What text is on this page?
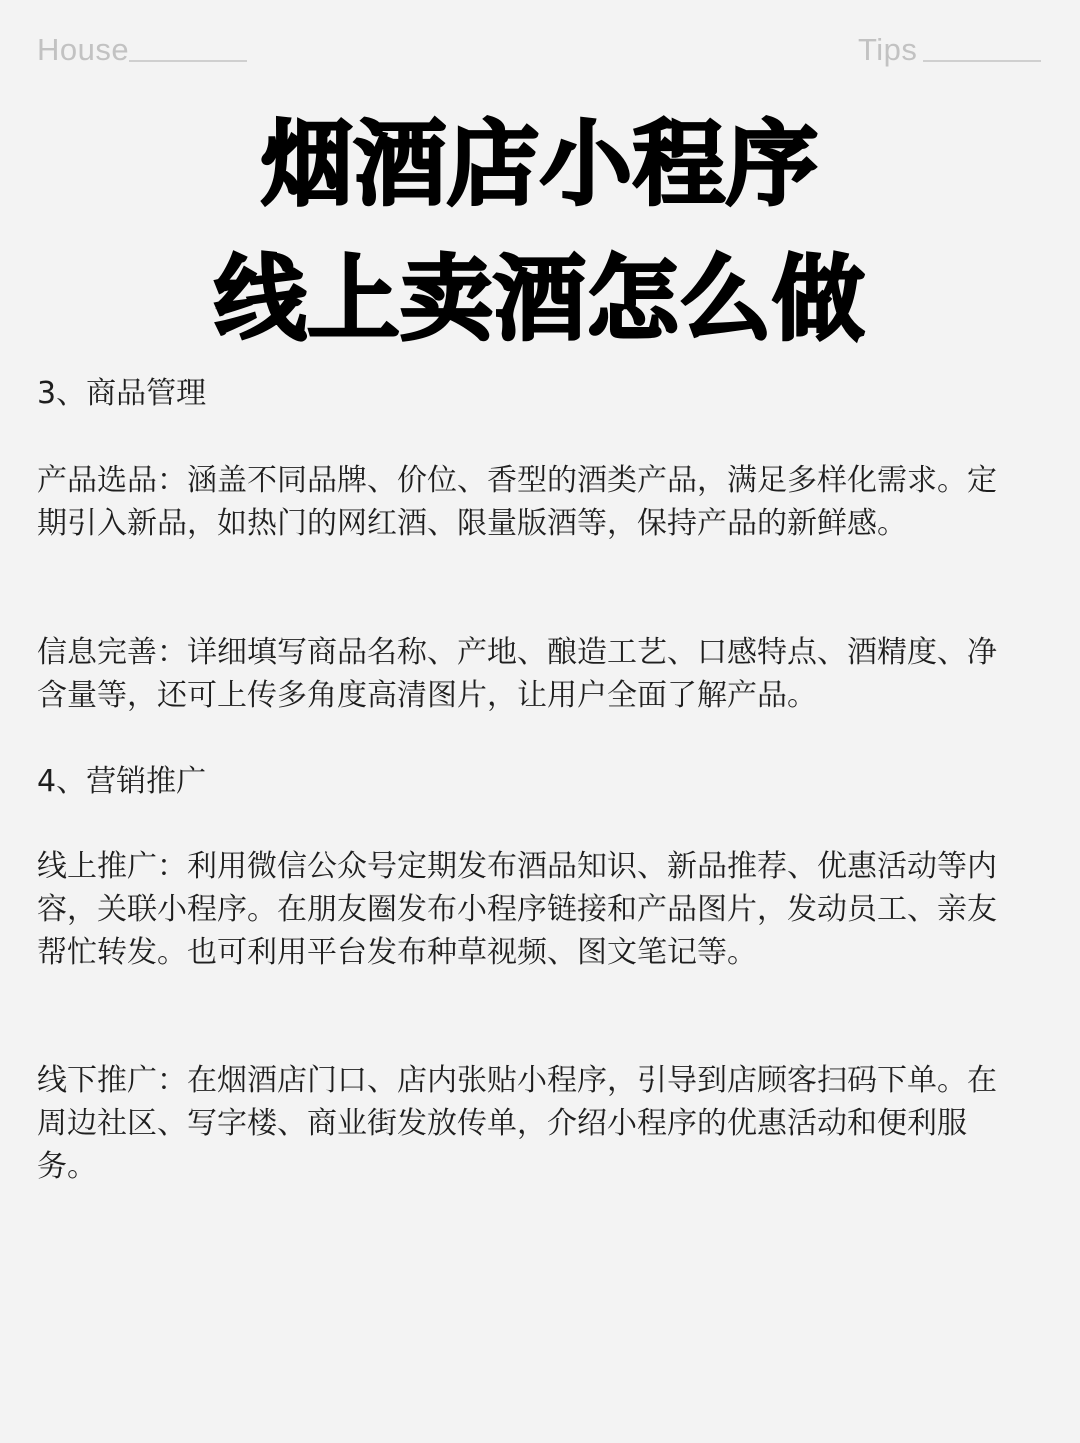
House	Tips
烟酒店小程序
线上卖酒怎么做

3、商品管理

产品选品：涵盖不同品牌、价位、香型的酒类产品，满足多样化需求。定期引入新品，如热门的网红酒、限量版酒等，保持产品的新鲜感。

信息完善：详细填写商品名称、产地、酿造工艺、口感特点、酒精度、净含量等，还可上传多角度高清图片，让用户全面了解产品。

4、营销推广

线上推广：利用微信公众号定期发布酒品知识、新品推荐、优惠活动等内容，关联小程序。在朋友圈发布小程序链接和产品图片，发动员工、亲友帮忙转发。也可利用平台发布种草视频、图文笔记等。

线下推广：在烟酒店门口、店内张贴小程序，引导到店顾客扫码下单。在周边社区、写字楼、商业街发放传单，介绍小程序的优惠活动和便利服务。
